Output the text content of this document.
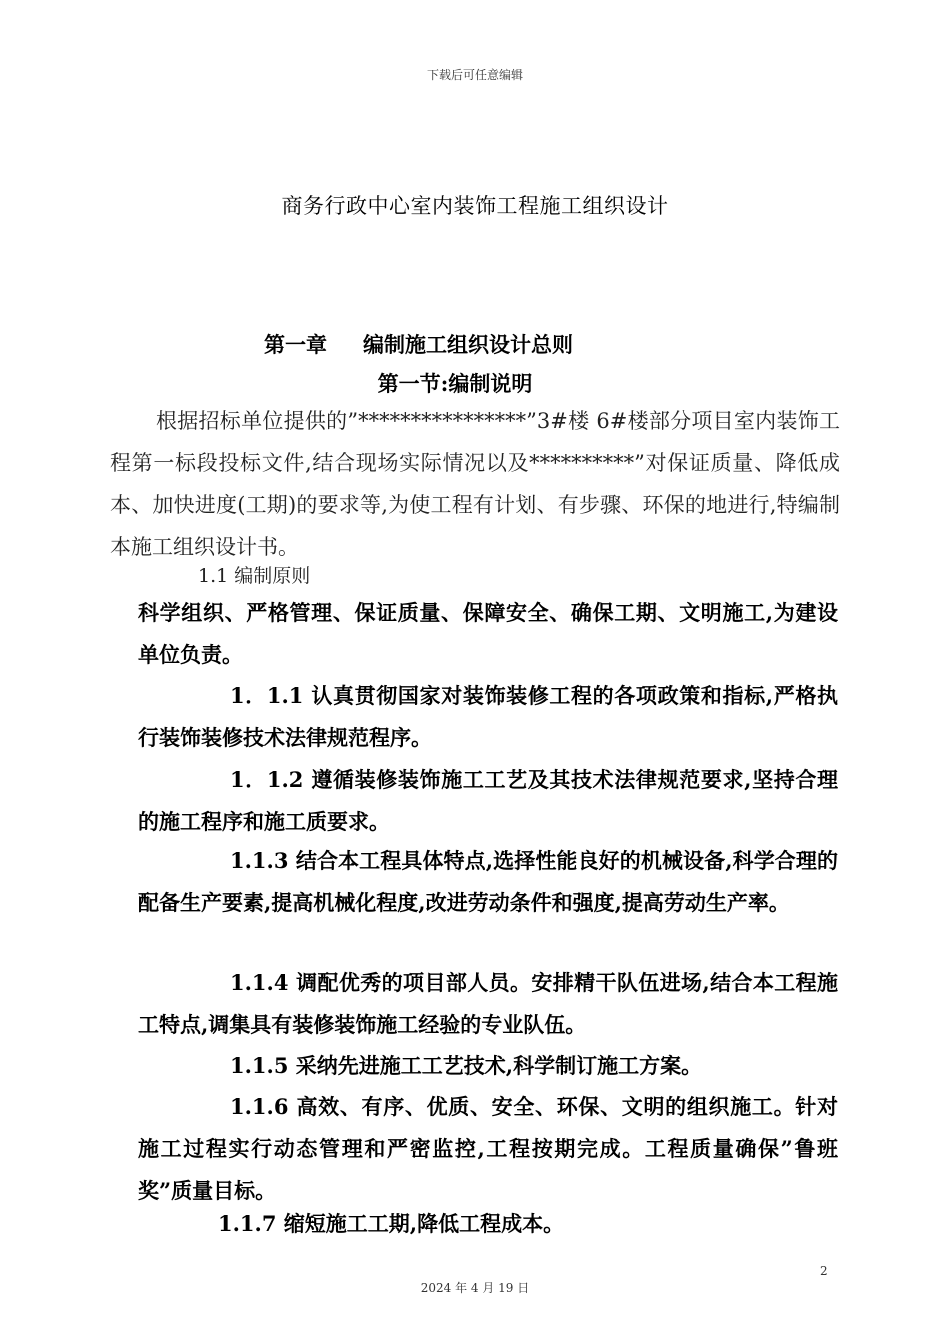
下载后可任意编辑
商务行政中心室内装饰工程施工组织设计
第一章 编制施工组织设计总则
第一节:编制说明
根据招标单位提供的”****************”3#楼 6#楼部分项目室内装饰工程第一标段投标文件,结合现场实际情况以及**********”对保证质量、降低成本、加快进度(工期)的要求等,为使工程有计划、有步骤、环保的地进行,特编制本施工组织设计书。
1.1 编制原则
科学组织、严格管理、保证质量、保障安全、确保工期、文明施工,为建设单位负责。
1．1.1 认真贯彻国家对装饰装修工程的各项政策和指标,严格执行装饰装修技术法律规范程序。
1．1.2 遵循装修装饰施工工艺及其技术法律规范要求,坚持合理的施工程序和施工质要求。
1.1.3 结合本工程具体特点,选择性能良好的机械设备,科学合理的配备生产要素,提高机械化程度,改进劳动条件和强度,提高劳动生产率。
1.1.4 调配优秀的项目部人员。安排精干队伍进场,结合本工程施工特点,调集具有装修装饰施工经验的专业队伍。
1.1.5 采纳先进施工工艺技术,科学制订施工方案。
1.1.6 高效、有序、优质、安全、环保、文明的组织施工。针对施工过程实行动态管理和严密监控,工程按期完成。工程质量确保”鲁班奖”质量目标。
1.1.7 缩短施工工期,降低工程成本。
2
2024 年 4 月 19 日
